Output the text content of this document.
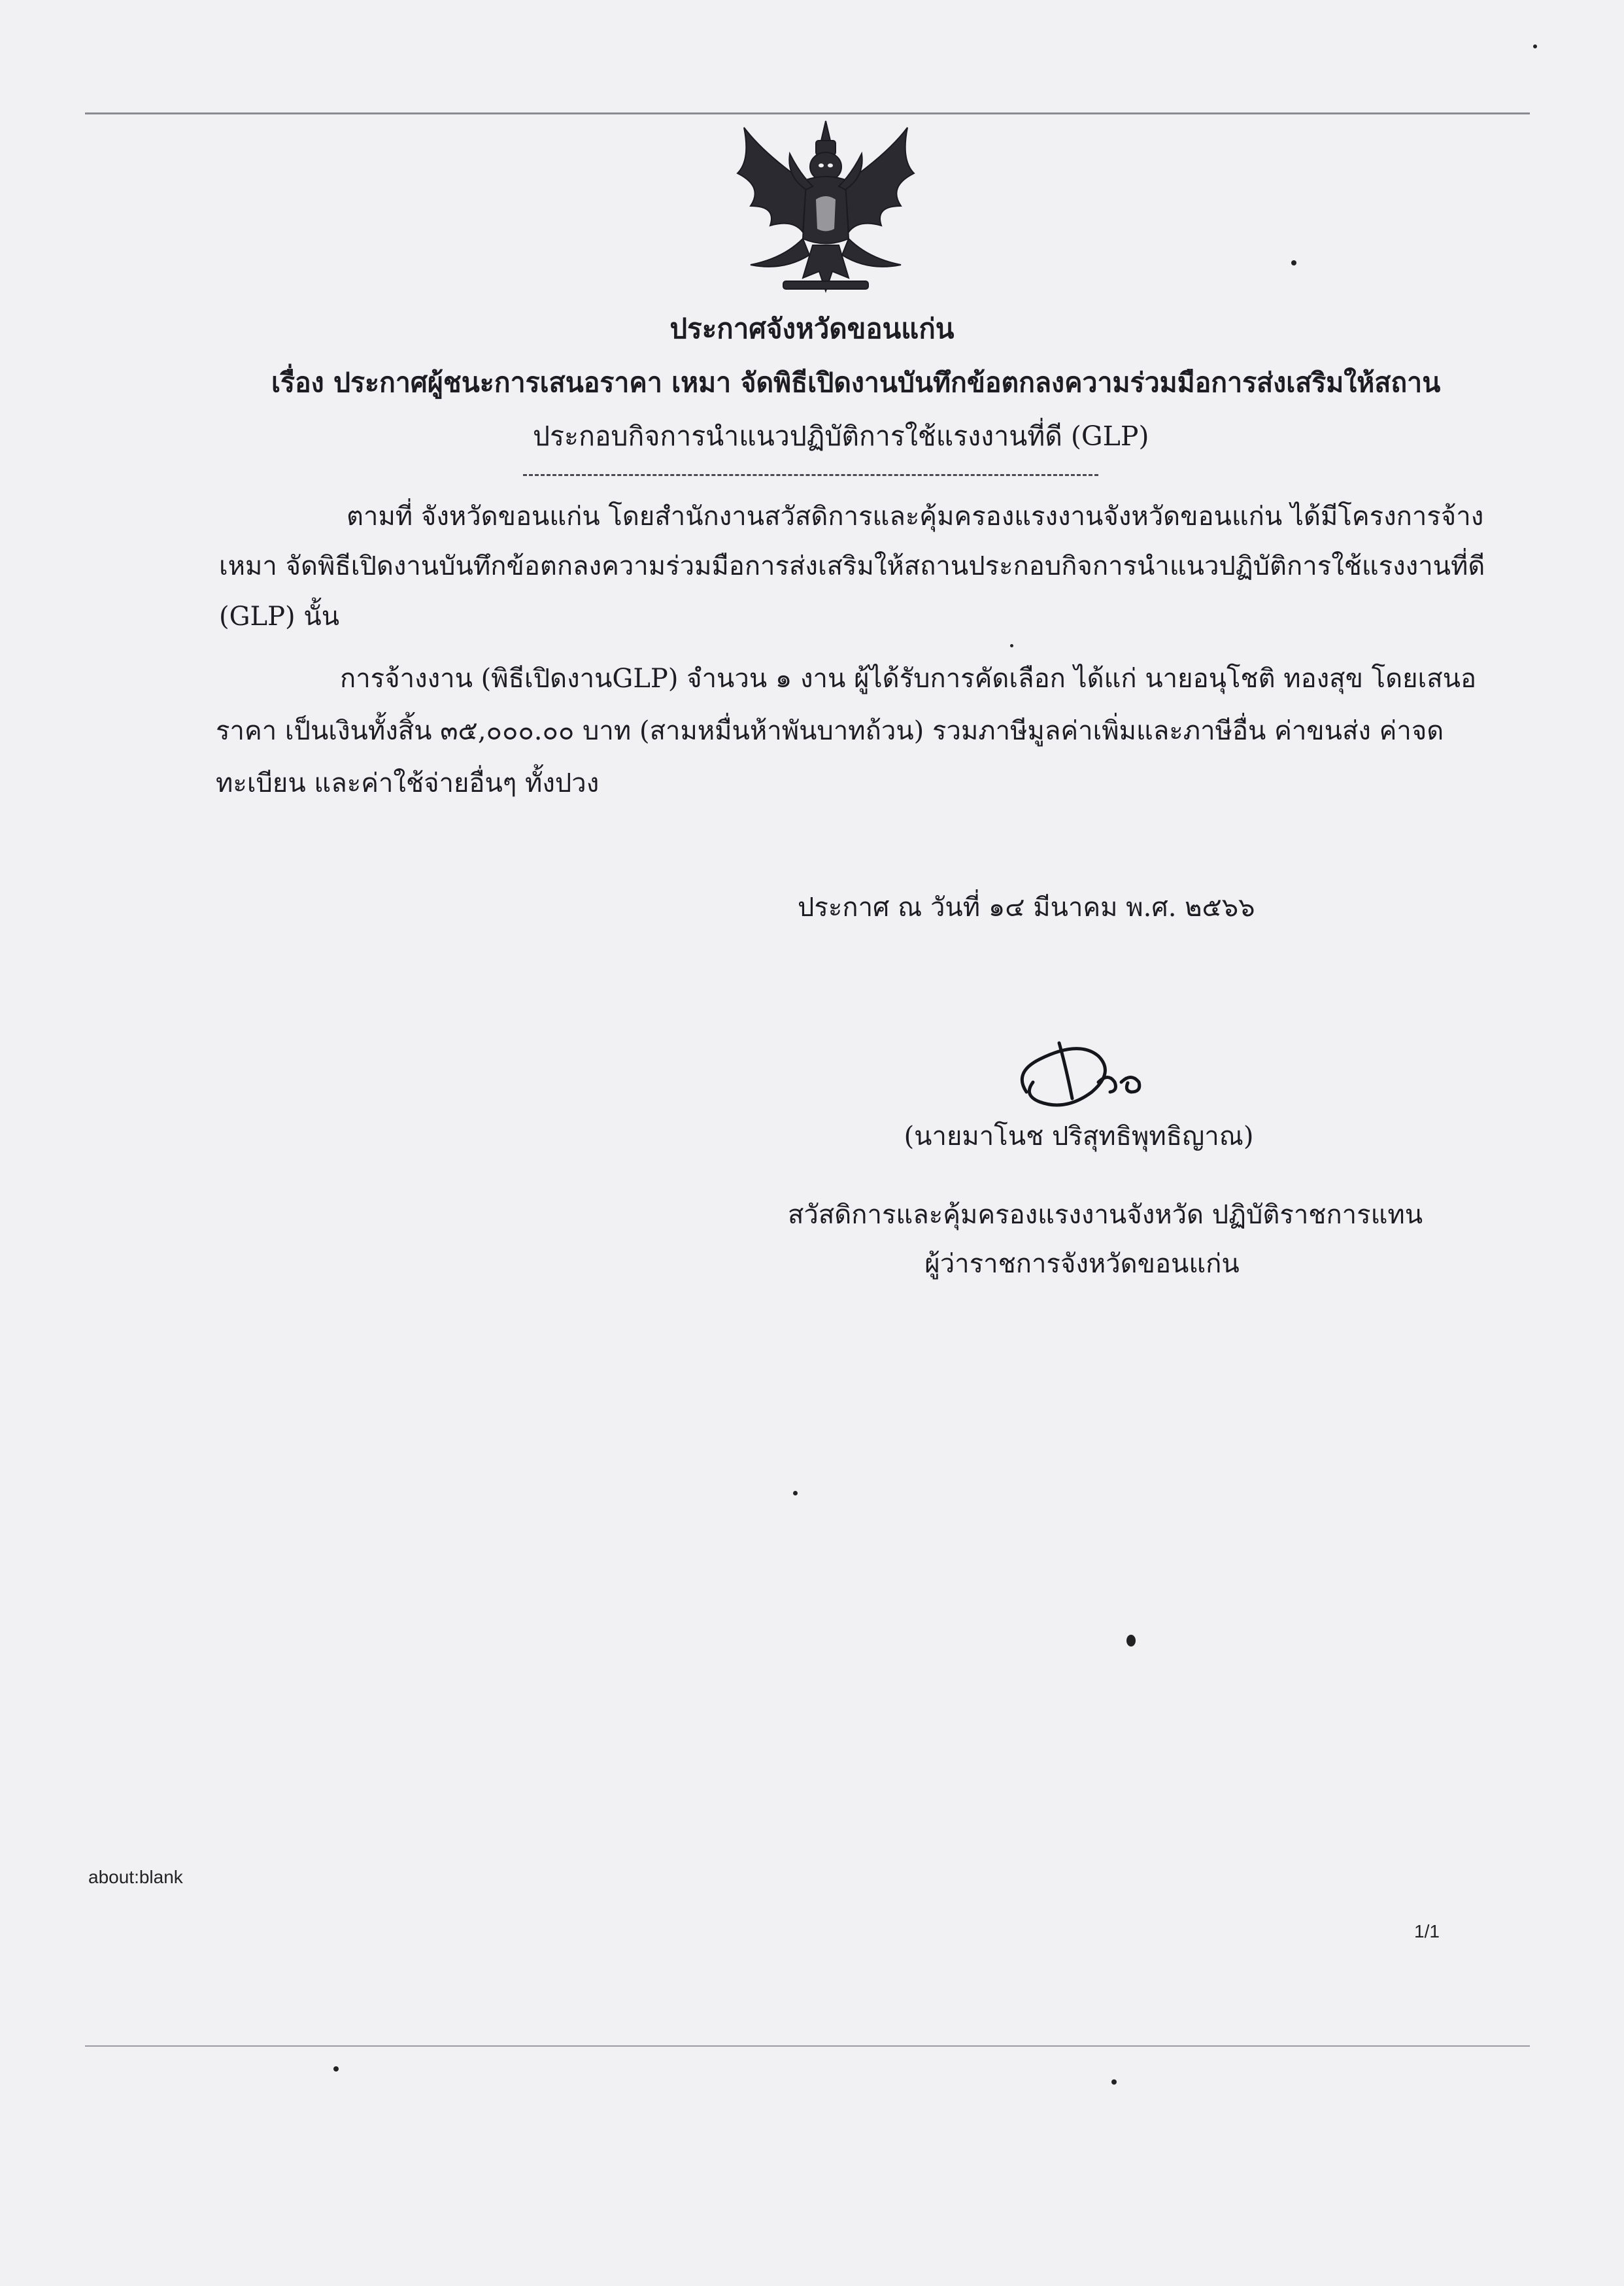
ประกาศจังหวัดขอนแก่น
เรื่อง ประกาศผู้ชนะการเสนอราคา เหมา จัดพิธีเปิดงานบันทึกข้อตกลงความร่วมมือการส่งเสริมให้สถาน
ประกอบกิจการนำแนวปฏิบัติการใช้แรงงานที่ดี (GLP)
ตามที่ จังหวัดขอนแก่น โดยสำนักงานสวัสดิการและคุ้มครองแรงงานจังหวัดขอนแก่น ได้มีโครงการจ้าง
เหมา จัดพิธีเปิดงานบันทึกข้อตกลงความร่วมมือการส่งเสริมให้สถานประกอบกิจการนำแนวปฏิบัติการใช้แรงงานที่ดี
(GLP) นั้น
การจ้างงาน (พิธีเปิดงานGLP) จำนวน ๑ งาน ผู้ได้รับการคัดเลือก ได้แก่ นายอนุโชติ ทองสุข โดยเสนอ
ราคา เป็นเงินทั้งสิ้น ๓๕,๐๐๐.๐๐ บาท (สามหมื่นห้าพันบาทถ้วน) รวมภาษีมูลค่าเพิ่มและภาษีอื่น ค่าขนส่ง ค่าจด
ทะเบียน และค่าใช้จ่ายอื่นๆ ทั้งปวง
ประกาศ ณ วันที่ ๑๔ มีนาคม พ.ศ. ๒๕๖๖
(นายมาโนช ปริสุทธิพุทธิญาณ)
สวัสดิการและคุ้มครองแรงงานจังหวัด ปฏิบัติราชการแทน
ผู้ว่าราชการจังหวัดขอนแก่น
about:blank
1/1
